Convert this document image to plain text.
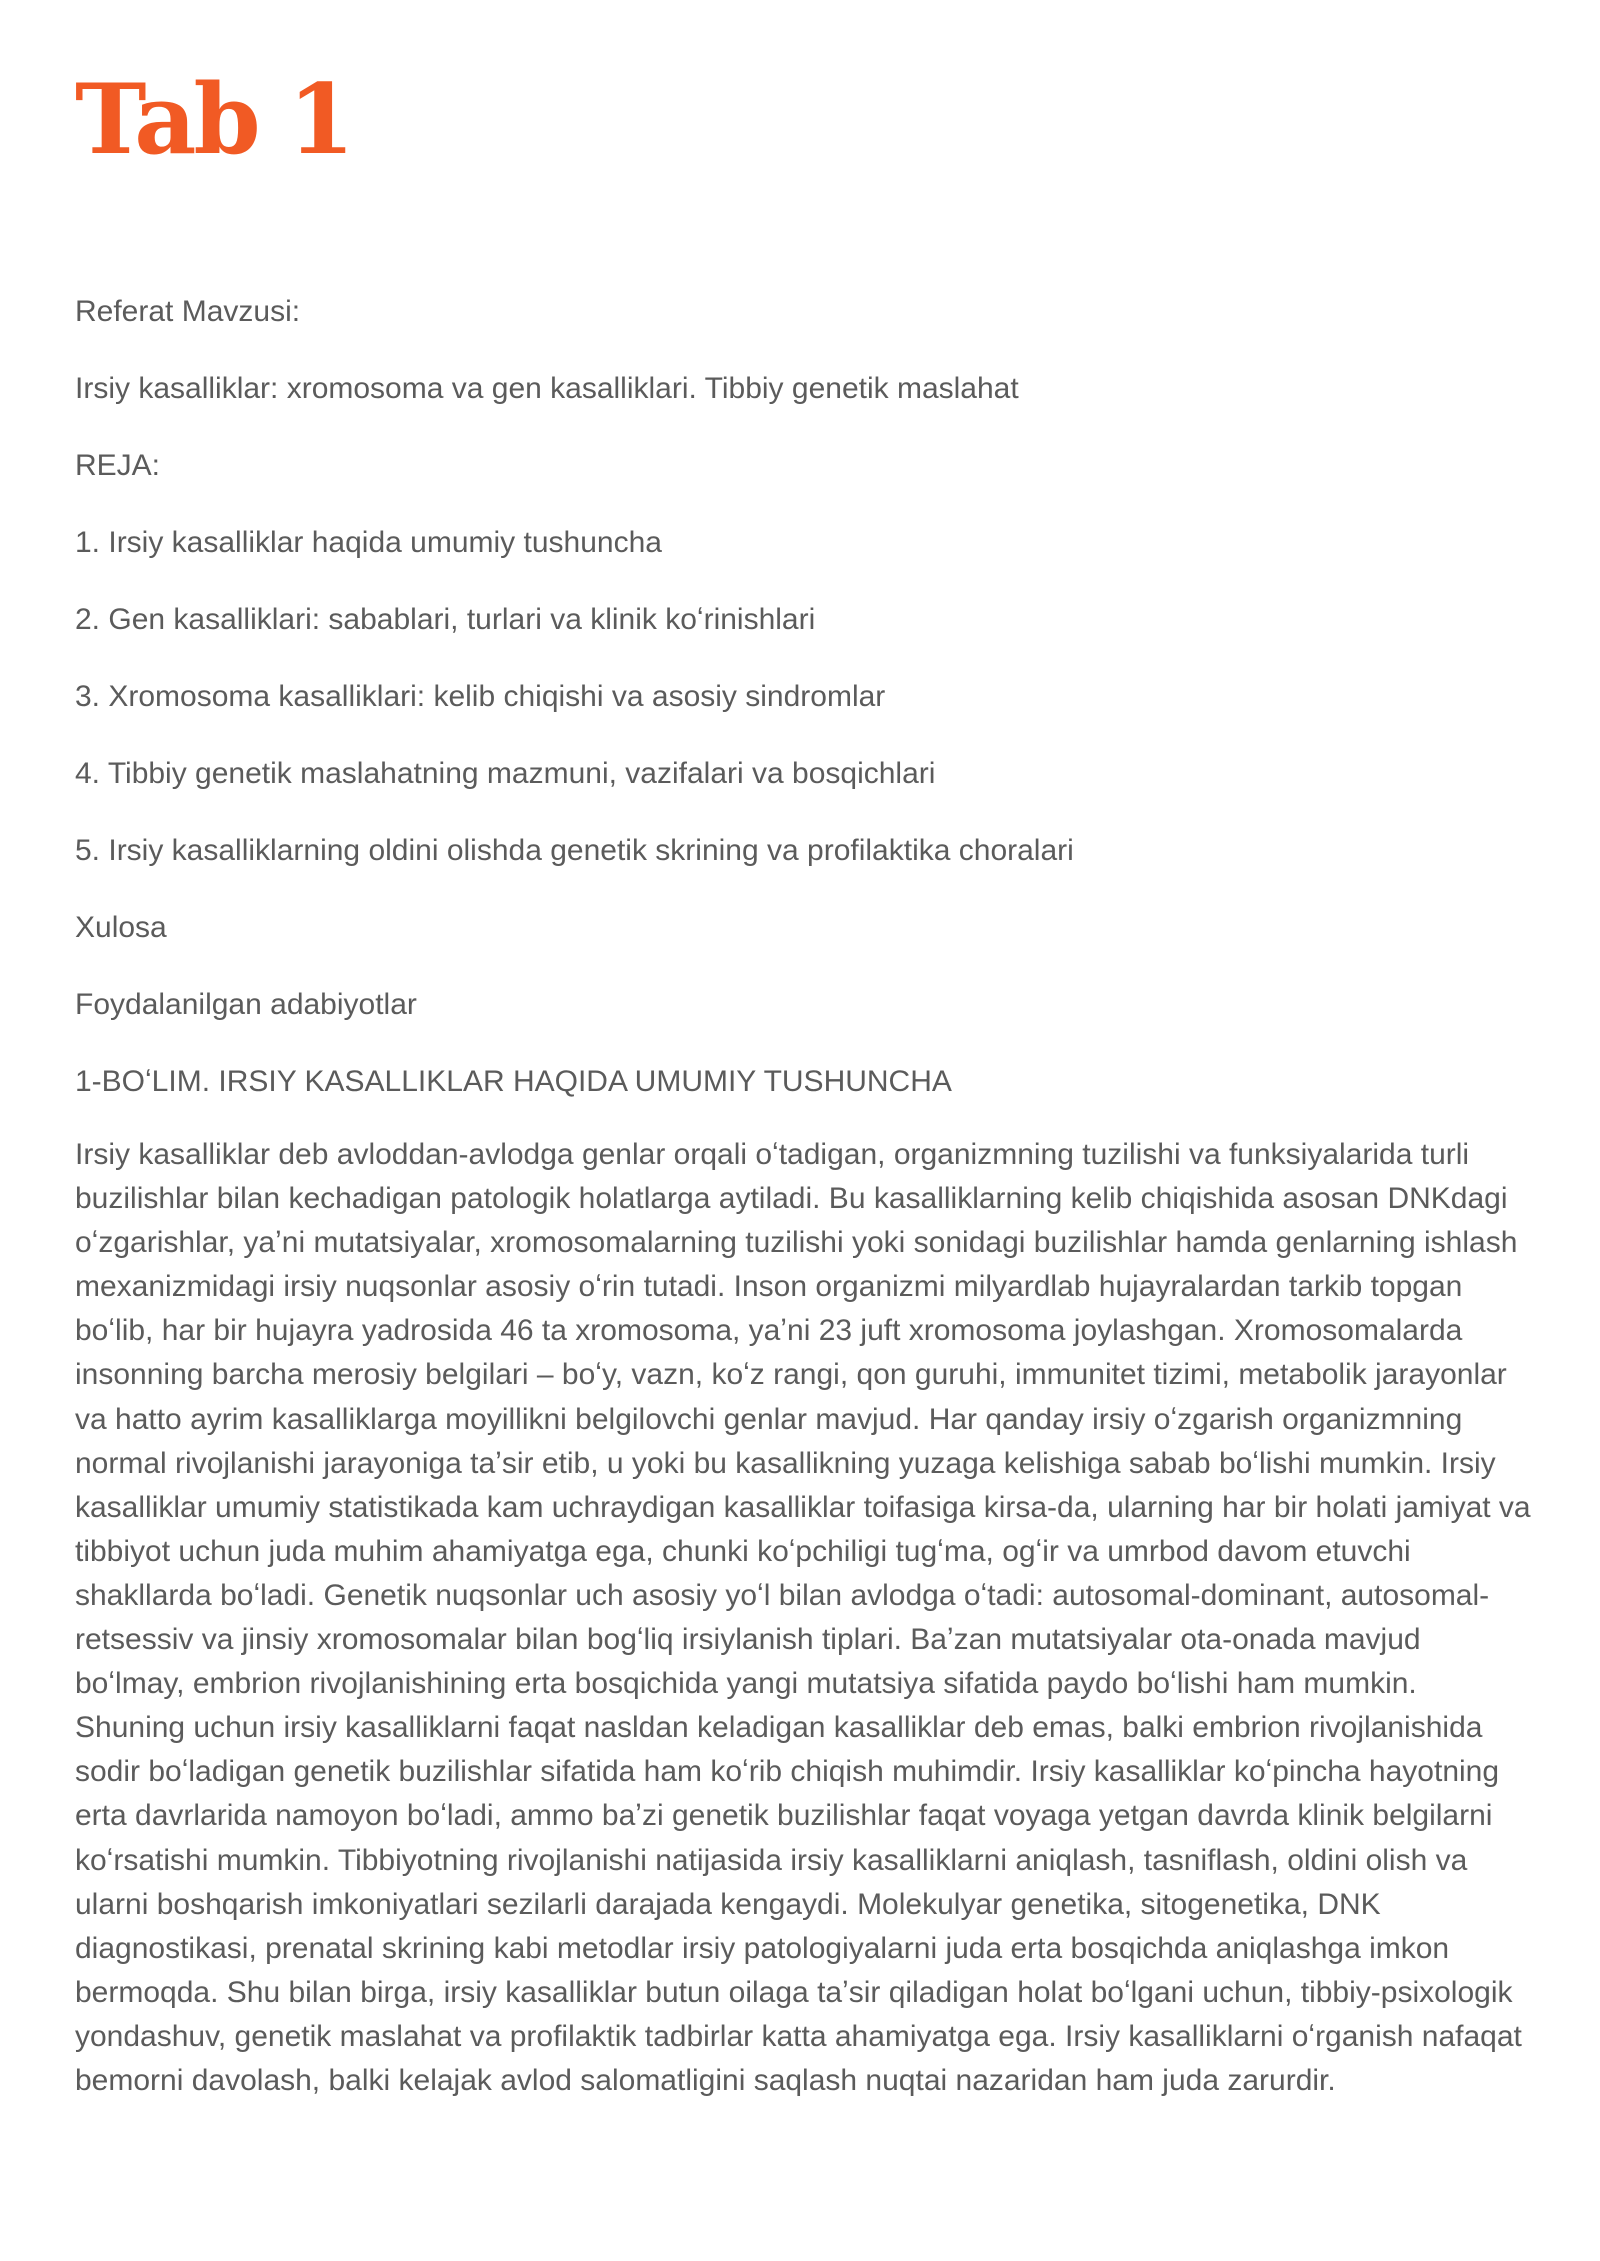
Tab 1

Referat Mavzusi:

Irsiy kasalliklar: xromosoma va gen kasalliklari. Tibbiy genetik maslahat

REJA:

1. Irsiy kasalliklar haqida umumiy tushuncha

2. Gen kasalliklari: sabablari, turlari va klinik koʻrinishlari

3. Xromosoma kasalliklari: kelib chiqishi va asosiy sindromlar

4. Tibbiy genetik maslahatning mazmuni, vazifalari va bosqichlari

5. Irsiy kasalliklarning oldini olishda genetik skrining va profilaktika choralari

Xulosa

Foydalanilgan adabiyotlar

1-BOʻLIM. IRSIY KASALLIKLAR HAQIDA UMUMIY TUSHUNCHA

Irsiy kasalliklar deb avloddan-avlodga genlar orqali oʻtadigan, organizmning tuzilishi va funksiyalarida turli buzilishlar bilan kechadigan patologik holatlarga aytiladi. Bu kasalliklarning kelib chiqishida asosan DNKdagi oʻzgarishlar, yaʼni mutatsiyalar, xromosomalarning tuzilishi yoki sonidagi buzilishlar hamda genlarning ishlash mexanizmidagi irsiy nuqsonlar asosiy oʻrin tutadi. Inson organizmi milyardlab hujayralardan tarkib topgan boʻlib, har bir hujayra yadrosida 46 ta xromosoma, yaʼni 23 juft xromosoma joylashgan. Xromosomalarda insonning barcha merosiy belgilari – boʻy, vazn, koʻz rangi, qon guruhi, immunitet tizimi, metabolik jarayonlar va hatto ayrim kasalliklarga moyillikni belgilovchi genlar mavjud. Har qanday irsiy oʻzgarish organizmning normal rivojlanishi jarayoniga taʼsir etib, u yoki bu kasallikning yuzaga kelishiga sabab boʻlishi mumkin. Irsiy kasalliklar umumiy statistikada kam uchraydigan kasalliklar toifasiga kirsa-da, ularning har bir holati jamiyat va tibbiyot uchun juda muhim ahamiyatga ega, chunki koʻpchiligi tugʻma, ogʻir va umrbod davom etuvchi shakllarda boʻladi. Genetik nuqsonlar uch asosiy yoʻl bilan avlodga oʻtadi: autosomal-dominant, autosomal-retsessiv va jinsiy xromosomalar bilan bogʻliq irsiylanish tiplari. Baʼzan mutatsiyalar ota-onada mavjud boʻlmay, embrion rivojlanishining erta bosqichida yangi mutatsiya sifatida paydo boʻlishi ham mumkin. Shuning uchun irsiy kasalliklarni faqat nasldan keladigan kasalliklar deb emas, balki embrion rivojlanishida sodir boʻladigan genetik buzilishlar sifatida ham koʻrib chiqish muhimdir. Irsiy kasalliklar koʻpincha hayotning erta davrlarida namoyon boʻladi, ammo baʼzi genetik buzilishlar faqat voyaga yetgan davrda klinik belgilarni koʻrsatishi mumkin. Tibbiyotning rivojlanishi natijasida irsiy kasalliklarni aniqlash, tasniflash, oldini olish va ularni boshqarish imkoniyatlari sezilarli darajada kengaydi. Molekulyar genetika, sitogenetika, DNK diagnostikasi, prenatal skrining kabi metodlar irsiy patologiyalarni juda erta bosqichda aniqlashga imkon bermoqda. Shu bilan birga, irsiy kasalliklar butun oilaga taʼsir qiladigan holat boʻlgani uchun, tibbiy-psixologik yondashuv, genetik maslahat va profilaktik tadbirlar katta ahamiyatga ega. Irsiy kasalliklarni oʻrganish nafaqat bemorni davolash, balki kelajak avlod salomatligini saqlash nuqtai nazaridan ham juda zarurdir.
